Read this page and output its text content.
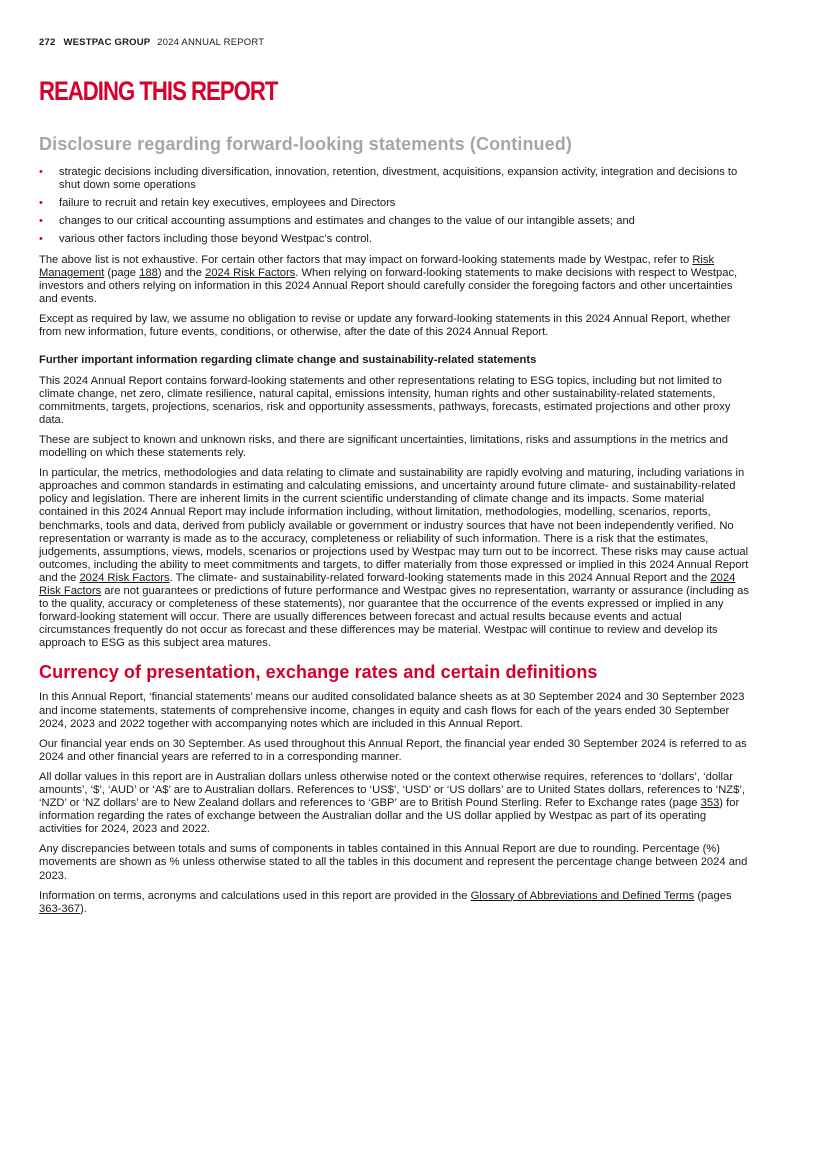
272 WESTPAC GROUP 2024 ANNUAL REPORT
READING THIS REPORT
Disclosure regarding forward-looking statements (Continued)
• strategic decisions including diversification, innovation, retention, divestment, acquisitions, expansion activity, integration and decisions to shut down some operations
• failure to recruit and retain key executives, employees and Directors
• changes to our critical accounting assumptions and estimates and changes to the value of our intangible assets; and
• various other factors including those beyond Westpac’s control.

The above list is not exhaustive. For certain other factors that may impact on forward-looking statements made by Westpac, refer to Risk Management (page 188) and the 2024 Risk Factors. When relying on forward-looking statements to make decisions with respect to Westpac, investors and others relying on information in this 2024 Annual Report should carefully consider the foregoing factors and other uncertainties and events.

Except as required by law, we assume no obligation to revise or update any forward-looking statements in this 2024 Annual Report, whether from new information, future events, conditions, or otherwise, after the date of this 2024 Annual Report.

Further important information regarding climate change and sustainability-related statements

This 2024 Annual Report contains forward-looking statements and other representations relating to ESG topics, including but not limited to climate change, net zero, climate resilience, natural capital, emissions intensity, human rights and other sustainability-related statements, commitments, targets, projections, scenarios, risk and opportunity assessments, pathways, forecasts, estimated projections and other proxy data.

These are subject to known and unknown risks, and there are significant uncertainties, limitations, risks and assumptions in the metrics and modelling on which these statements rely.

In particular, the metrics, methodologies and data relating to climate and sustainability are rapidly evolving and maturing, including variations in approaches and common standards in estimating and calculating emissions, and uncertainty around future climate- and sustainability-related policy and legislation. There are inherent limits in the current scientific understanding of climate change and its impacts. Some material contained in this 2024 Annual Report may include information including, without limitation, methodologies, modelling, scenarios, reports, benchmarks, tools and data, derived from publicly available or government or industry sources that have not been independently verified. No representation or warranty is made as to the accuracy, completeness or reliability of such information. There is a risk that the estimates, judgements, assumptions, views, models, scenarios or projections used by Westpac may turn out to be incorrect. These risks may cause actual outcomes, including the ability to meet commitments and targets, to differ materially from those expressed or implied in this 2024 Annual Report and the 2024 Risk Factors. The climate- and sustainability-related forward-looking statements made in this 2024 Annual Report and the 2024 Risk Factors are not guarantees or predictions of future performance and Westpac gives no representation, warranty or assurance (including as to the quality, accuracy or completeness of these statements), nor guarantee that the occurrence of the events expressed or implied in any forward-looking statement will occur. There are usually differences between forecast and actual results because events and actual circumstances frequently do not occur as forecast and these differences may be material. Westpac will continue to review and develop its approach to ESG as this subject area matures.

Currency of presentation, exchange rates and certain definitions

In this Annual Report, ‘financial statements’ means our audited consolidated balance sheets as at 30 September 2024 and 30 September 2023 and income statements, statements of comprehensive income, changes in equity and cash flows for each of the years ended 30 September 2024, 2023 and 2022 together with accompanying notes which are included in this Annual Report.

Our financial year ends on 30 September. As used throughout this Annual Report, the financial year ended 30 September 2024 is referred to as 2024 and other financial years are referred to in a corresponding manner.

All dollar values in this report are in Australian dollars unless otherwise noted or the context otherwise requires, references to ‘dollars’, ‘dollar amounts’, ‘$’, ‘AUD’ or ‘A$’ are to Australian dollars. References to ‘US$’, ‘USD’ or ‘US dollars’ are to United States dollars, references to ‘NZ$’, ‘NZD’ or ‘NZ dollars’ are to New Zealand dollars and references to ‘GBP’ are to British Pound Sterling. Refer to Exchange rates (page 353) for information regarding the rates of exchange between the Australian dollar and the US dollar applied by Westpac as part of its operating activities for 2024, 2023 and 2022.

Any discrepancies between totals and sums of components in tables contained in this Annual Report are due to rounding. Percentage (%) movements are shown as % unless otherwise stated to all the tables in this document and represent the percentage change between 2024 and 2023.

Information on terms, acronyms and calculations used in this report are provided in the Glossary of Abbreviations and Defined Terms (pages 363-367).
